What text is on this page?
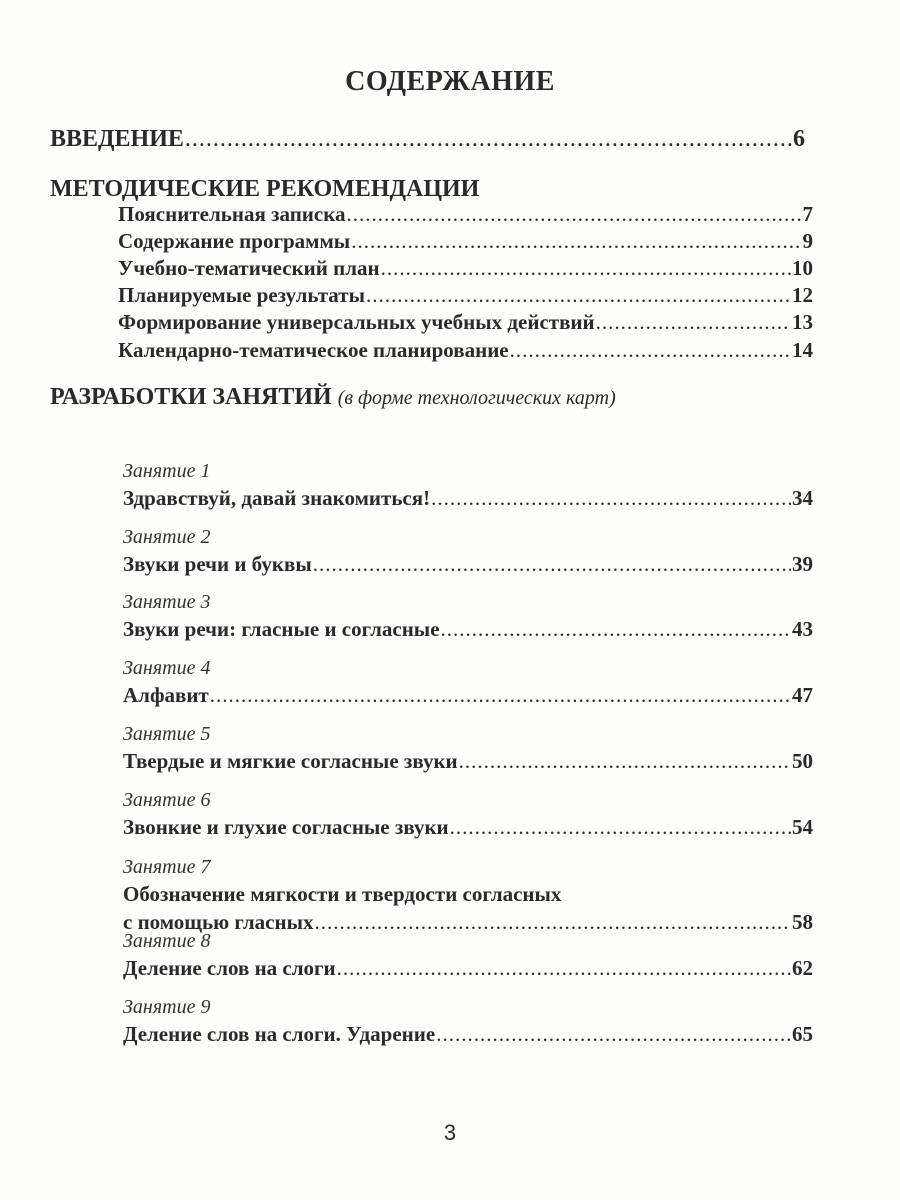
СОДЕРЖАНИЕ
ВВЕДЕНИЕ .....	6
МЕТОДИЧЕСКИЕ РЕКОМЕНДАЦИИ
Пояснительная записка .....	7
Содержание программы .....	9
Учебно-тематический план .....	10
Планируемые результаты .....	12
Формирование универсальных учебных действий .....	13
Календарно-тематическое планирование .....	14
РАЗРАБОТКИ ЗАНЯТИЙ (в форме технологических карт)
Занятие 1
Здравствуй, давай знакомиться! .....	34
Занятие 2
Звуки речи и буквы .....	39
Занятие 3
Звуки речи: гласные и согласные .....	43
Занятие 4
Алфавит .....	47
Занятие 5
Твердые и мягкие согласные звуки .....	50
Занятие 6
Звонкие и глухие согласные звуки .....	54
Занятие 7
Обозначение мягкости и твердости согласных
с помощью гласных .....	58
Занятие 8
Деление слов на слоги .....	62
Занятие 9
Деление слов на слоги. Ударение .....	65
3
